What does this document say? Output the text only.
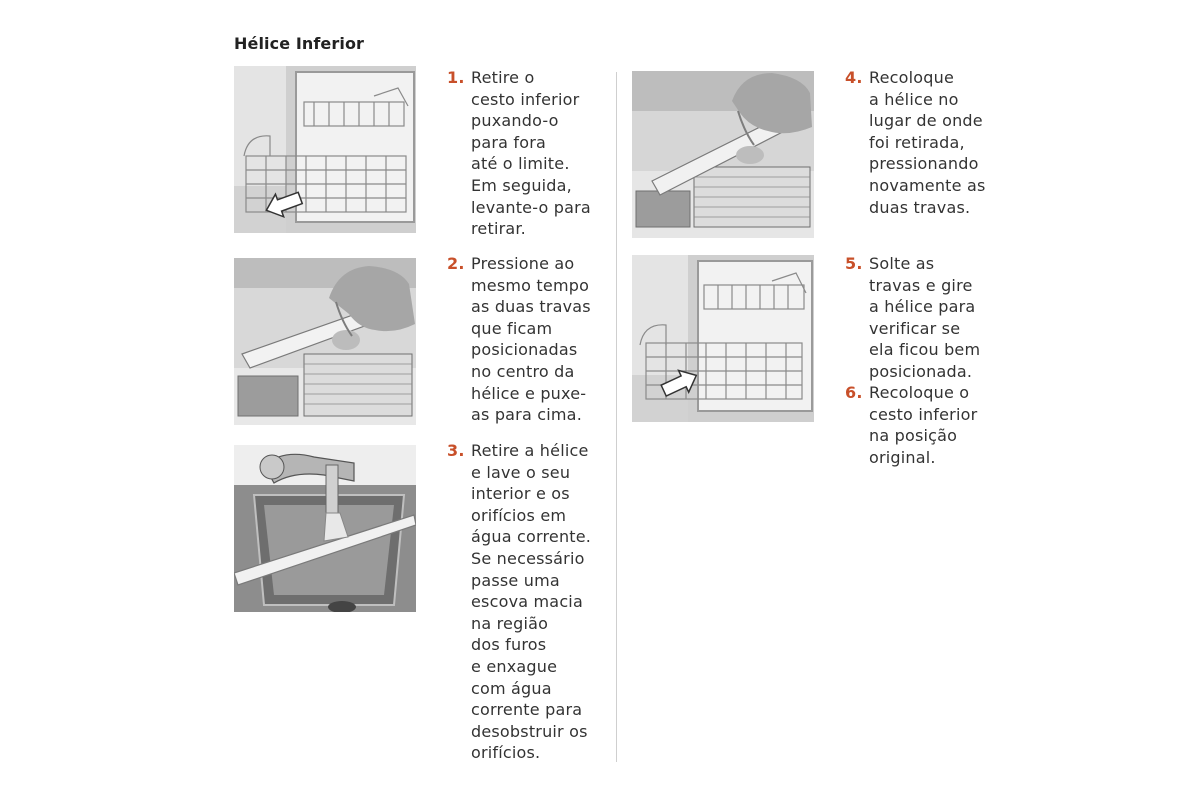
Hélice Inferior
1. Retire o
cesto inferior
puxando-o
para fora
até o limite.
Em seguida,
levante-o para
retirar.
2. Pressione ao
mesmo tempo
as duas travas
que ficam
posicionadas
no centro da
hélice e puxe-
as para cima.
3. Retire a hélice
e lave o seu
interior e os
orifícios em
água corrente.
Se necessário
passe uma
escova macia
na região
dos furos
e enxague
com água
corrente para
desobstruir os
orifícios.
4. Recoloque
a hélice no
lugar de onde
foi retirada,
pressionando
novamente as
duas travas.
5. Solte as
travas e gire
a hélice para
verificar se
ela ficou bem
posicionada.
6. Recoloque o
cesto inferior
na posição
original.
